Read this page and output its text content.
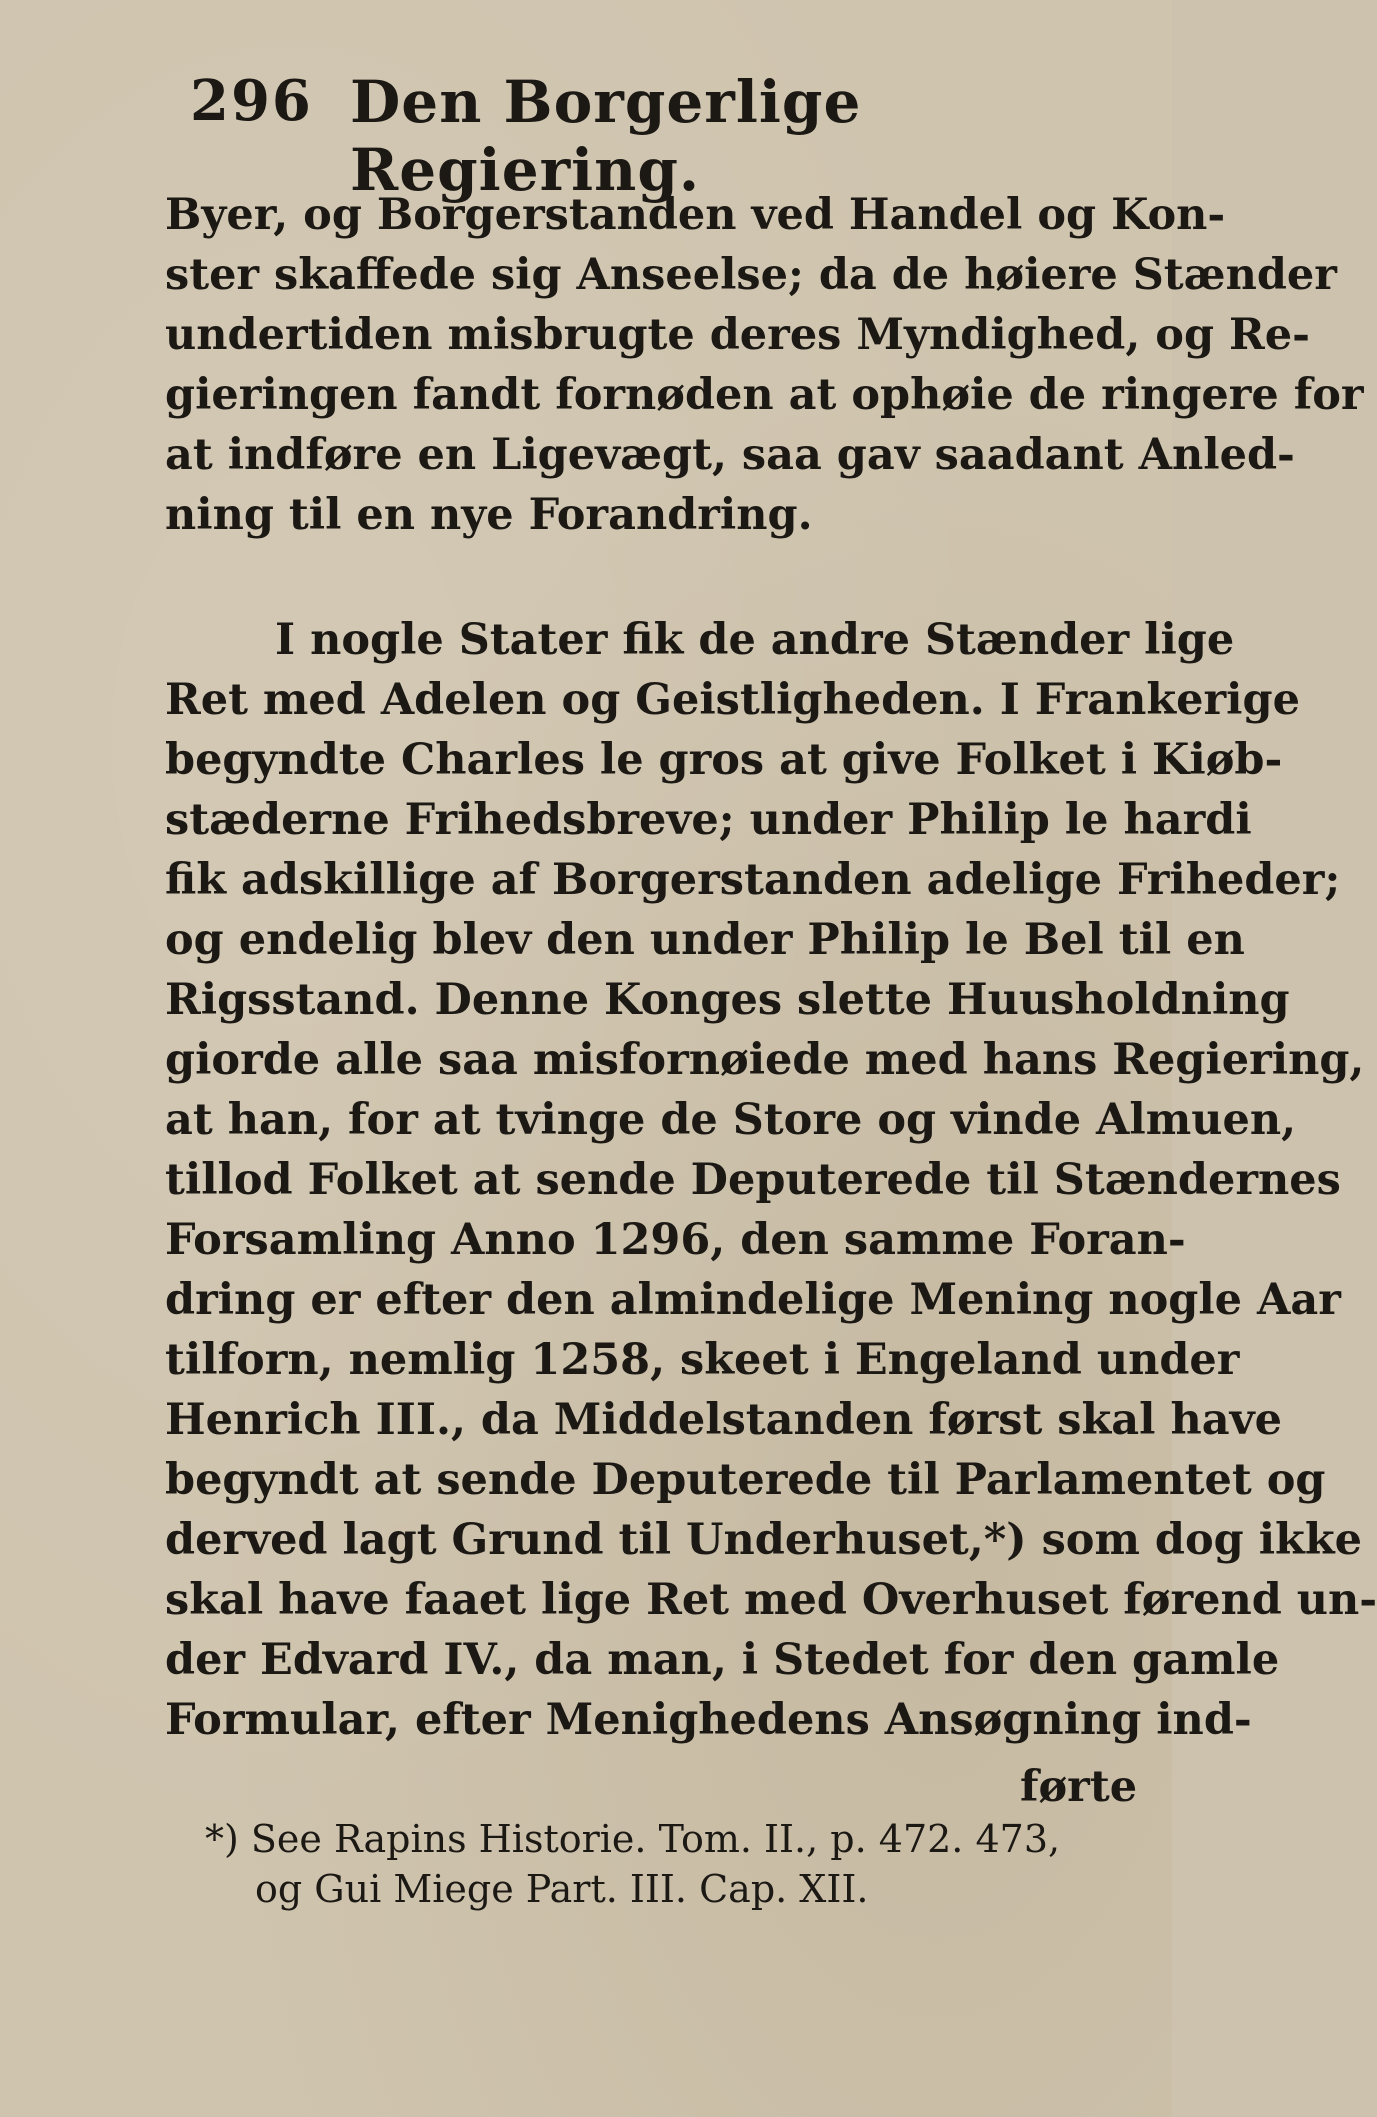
296 Den Borgerlige Regiering.
Byer, og Borgerstanden ved Handel og Kon-
ster skaffede sig Anseelse; da de høiere Stænder
undertiden misbrugte deres Myndighed, og Re-
gieringen fandt fornøden at ophøie de ringere for
at indføre en Ligevægt, saa gav saadant Anled-
ning til en nye Forandring.
I nogle Stater fik de andre Stænder lige
Ret med Adelen og Geistligheden. I Frankerige
begyndte Charles le gros at give Folket i Kiøb-
stæderne Frihedsbreve; under Philip le hardi
fik adskillige af Borgerstanden adelige Friheder;
og endelig blev den under Philip le Bel til en
Rigsstand. Denne Konges slette Huusholdning
giorde alle saa misfornøiede med hans Regiering,
at han, for at tvinge de Store og vinde Almuen,
tillod Folket at sende Deputerede til Stændernes
Forsamling Anno 1296, den samme Foran-
dring er efter den almindelige Mening nogle Aar
tilforn, nemlig 1258, skeet i Engeland under
Henrich III., da Middelstanden først skal have
begyndt at sende Deputerede til Parlamentet og
derved lagt Grund til Underhuset,*) som dog ikke
skal have faaet lige Ret med Overhuset førend un-
der Edvard IV., da man, i Stedet for den gamle
Formular, efter Menighedens Ansøgning ind-
førte
*) See Rapins Historie. Tom. II., p. 472. 473,
og Gui Miege Part. III. Cap. XII.
